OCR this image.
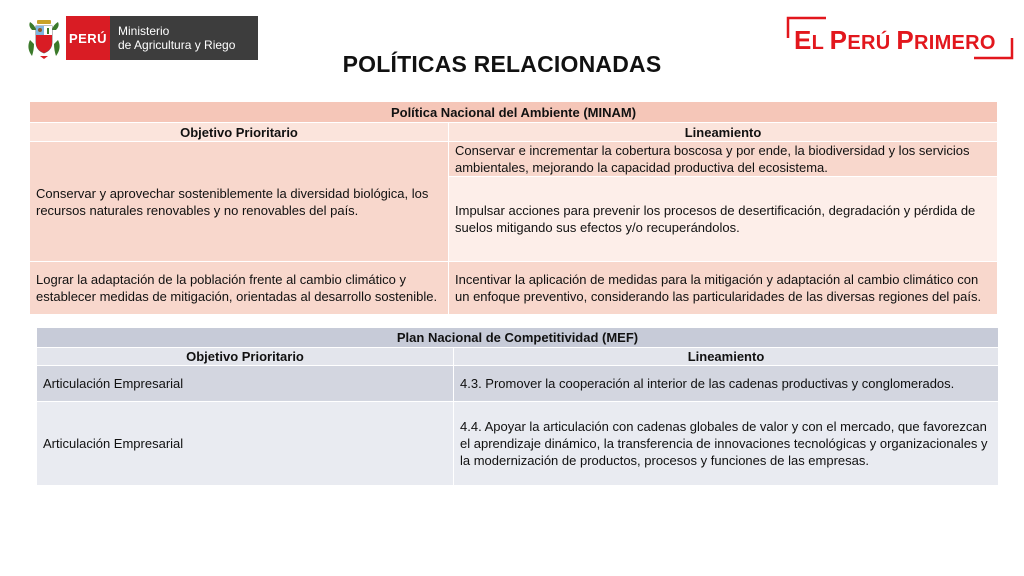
PERÚ Ministerio
de Agricultura y Riego	EL PERÚ PRIMERO
POLÍTICAS RELACIONADAS
Política Nacional del Ambiente (MINAM)	
Objetivo Prioritario	Lineamiento
Conservar y aprovechar sosteniblemente la diversidad biológica, los recursos naturales renovables y no renovables del país.	Conservar e incrementar la cobertura boscosa y por ende, la biodiversidad y los servicios ambientales, mejorando la capacidad productiva del ecosistema.
	Impulsar acciones para prevenir los procesos de desertificación, degradación y pérdida de suelos mitigando sus efectos y/o recuperándolos.
Lograr la adaptación de la población frente al cambio climático y establecer medidas de mitigación, orientadas al desarrollo sostenible.	Incentivar la aplicación de medidas para la mitigación y adaptación al cambio climático con un enfoque preventivo, considerando las particularidades de las diversas regiones del país.
Plan Nacional de Competitividad (MEF)	
Objetivo Prioritario	Lineamiento
Articulación Empresarial	4.3. Promover la cooperación al interior de las cadenas productivas y conglomerados.
Articulación Empresarial	4.4. Apoyar la articulación con cadenas globales de valor y con el mercado, que favorezcan el aprendizaje dinámico, la transferencia de innovaciones tecnológicas y organizacionales y la modernización de productos, procesos y funciones de las empresas.
